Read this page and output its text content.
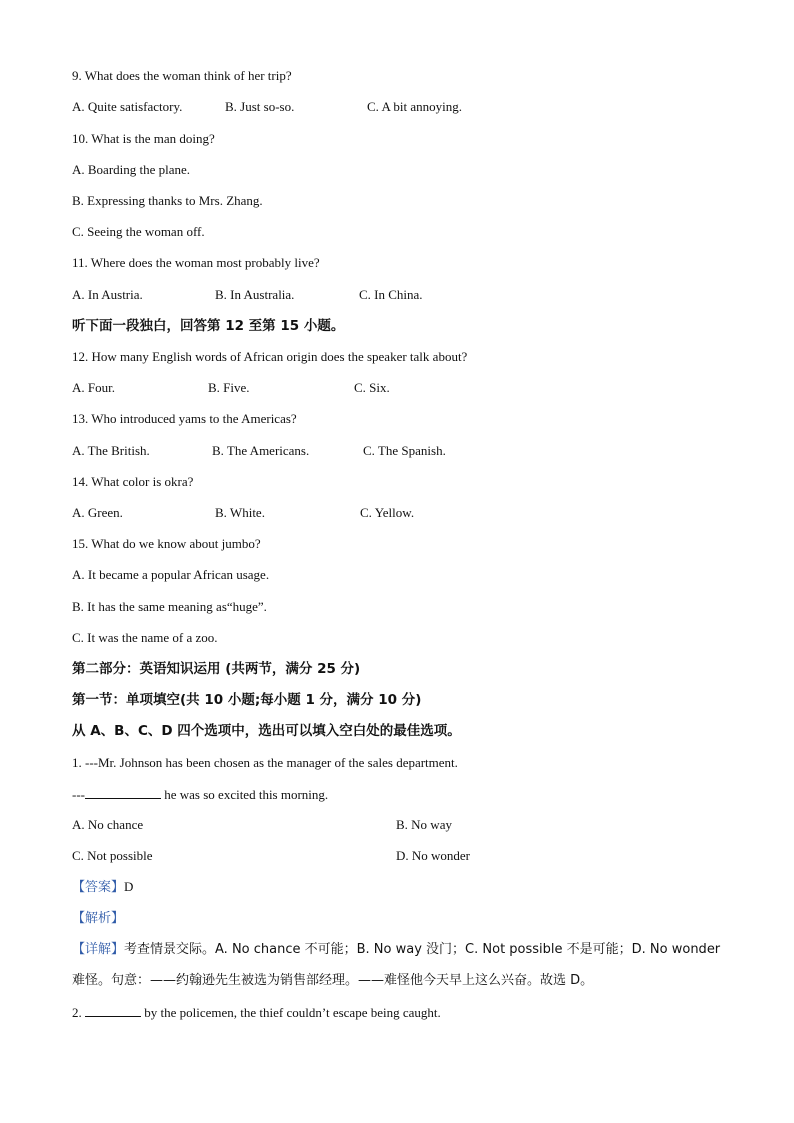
9. What does the woman think of her trip?
A. Quite satisfactory.	B. Just so-so.	C. A bit annoying.
10. What is the man doing?
A. Boarding the plane.
B. Expressing thanks to Mrs. Zhang.
C. Seeing the woman off.
11. Where does the woman most probably live?
A. In Austria.	B. In Australia.	C. In China.
听下面一段独白，回答第 12 至第 15 小题。
12. How many English words of African origin does the speaker talk about?
A. Four.	B. Five.	C. Six.
13. Who introduced yams to the Americas?
A. The British.	B. The Americans.	C. The Spanish.
14. What color is okra?
A. Green.	B. White.	C. Yellow.
15. What do we know about jumbo?
A. It became a popular African usage.
B. It has the same meaning as“huge”.
C. It was the name of a zoo.
第二部分：英语知识运用 (共两节，满分 25 分)
第一节：单项填空(共 10 小题;每小题 1 分，满分 10 分)
从 A、B、C、D 四个选项中，选出可以填入空白处的最佳选项。
1. ---Mr. Johnson has been chosen as the manager of the sales department.
---	he was so excited this morning.
A. No chance	B. No way
C. Not possible	D. No wonder
【答案】D
【解析】
【详解】考查情景交际。A. No chance 不可能；B. No way 没门；C. Not possible 不是可能；D. No wonder 难怪。句意：——约翰逊先生被选为销售部经理。——难怪他今天早上这么兴奋。故选 D。
2.	by the policemen, the thief couldn’t escape being caught.
